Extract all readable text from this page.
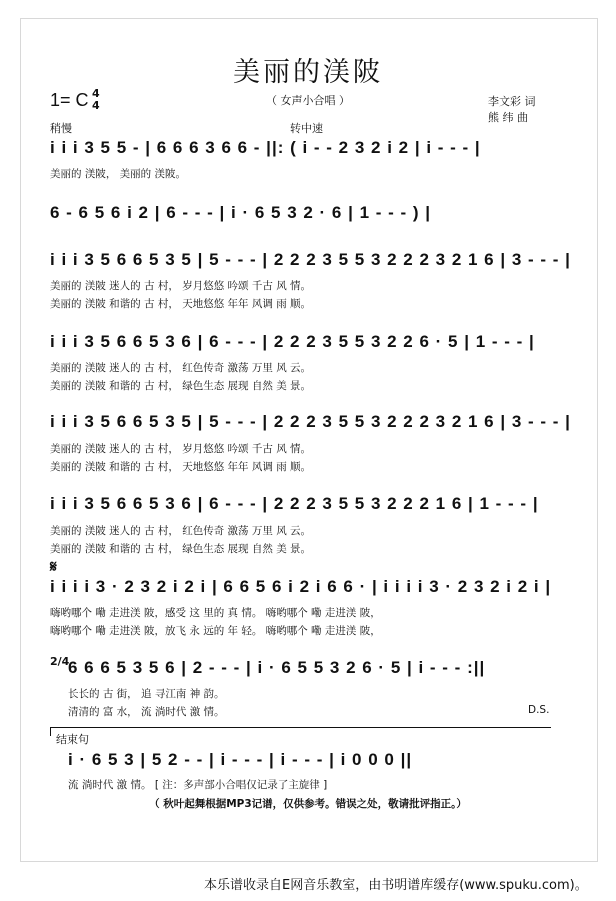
美丽的渼陂
（ 女声小合唱 ）
1= C 4
4	李文彩 词
熊 纬 曲
稍慢	转中速
i i i 3 5 5 - | 6 6 6 3 6 6 - ||: ( i - - 2 3 2 i 2 | i - - - |
美丽的 渼陂， 美丽的 渼陂。
6 - 6 5 6 i 2 | 6 - - - | i · 6 5 3 2 · 6 | 1 - - - ) |
i i i 3 5 6 6 5 3 5 | 5 - - - | 2 2 2 3 5 5 3 2 2 2 3 2 1 6 | 3 - - - |
美丽的 渼陂 迷人的 古 村， 岁月悠悠 吟颂 千古 风 情。
美丽的 渼陂 和谐的 古 村， 天地悠悠 年年 风调 雨 顺。
i i i 3 5 6 6 5 3 6 | 6 - - - | 2 2 2 3 5 5 3 2 2 6 · 5 | 1 - - - |
美丽的 渼陂 迷人的 古 村， 红色传奇 激荡 万里 风 云。
美丽的 渼陂 和谐的 古 村， 绿色生态 展现 自然 美 景。
i i i 3 5 6 6 5 3 5 | 5 - - - | 2 2 2 3 5 5 3 2 2 2 3 2 1 6 | 3 - - - |
美丽的 渼陂 迷人的 古 村， 岁月悠悠 吟颂 千古 风 情。
美丽的 渼陂 和谐的 古 村， 天地悠悠 年年 风调 雨 顺。
i i i 3 5 6 6 5 3 6 | 6 - - - | 2 2 2 3 5 5 3 2 2 2 1 6 | 1 - - - |
美丽的 渼陂 迷人的 古 村， 红色传奇 激荡 万里 风 云。
美丽的 渼陂 和谐的 古 村， 绿色生态 展现 自然 美 景。
𝄋
i i i i 3 · 2 3 2 i 2 i | 6 6 5 6 i 2 i 6 6 · | i i i i 3 · 2 3 2 i 2 i |
嗨哟哪个 嘞 走进渼 陂，感受 这 里的 真 情。 嗨哟哪个 嘞 走进渼 陂，
嗨哟哪个 嘞 走进渼 陂，放飞 永 远的 年 轻。 嗨哟哪个 嘞 走进渼 陂，
2/4
6 6 6 5 3 5 6 | 2 - - - | i · 6 5 5 3 2 6 · 5 | i - - - :||
长长的 古 街， 追 寻江南 神 韵。
清清的 富 水， 流 淌时代 激 情。	D.S.
结束句
i · 6 5 3 | 5 2 - - | i - - - | i - - - | i 0 0 0 ||
流 淌时代 激 情。 [ 注：多声部小合唱仅记录了主旋律 ]
（ 秋叶起舞根据MP3记谱，仅供参考。错误之处，敬请批评指正。）
本乐谱收录自E网音乐教室，由书明谱库缓存(www.spuku.com)。
